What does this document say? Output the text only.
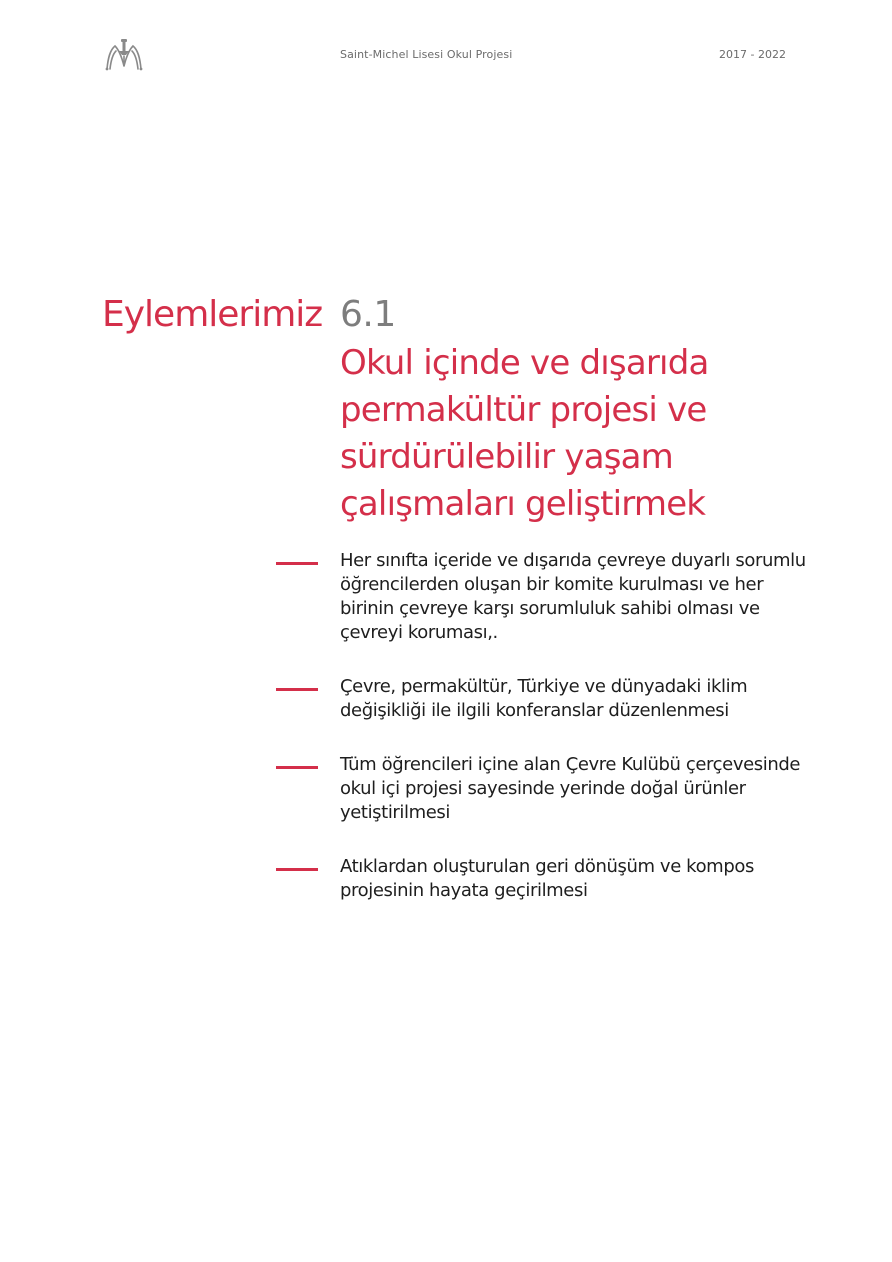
Saint-Michel Lisesi Okul Projesi	2017 - 2022
Eylemlerimiz 6.1
Okul içinde ve dışarıda permakültür projesi ve sürdürülebilir yaşam çalışmaları geliştirmek
Her sınıfta içeride ve dışarıda çevreye duyarlı sorumlu öğrencilerden oluşan bir komite kurulması ve her birinin çevreye karşı sorumluluk sahibi olması ve çevreyi koruması,.
Çevre, permakültür, Türkiye ve dünyadaki iklim değişikliği ile ilgili konferanslar düzenlenmesi
Tüm öğrencileri içine alan Çevre Kulübü çerçevesinde okul içi projesi sayesinde yerinde doğal ürünler yetiştirilmesi
Atıklardan oluşturulan geri dönüşüm ve kompos projesinin hayata geçirilmesi
